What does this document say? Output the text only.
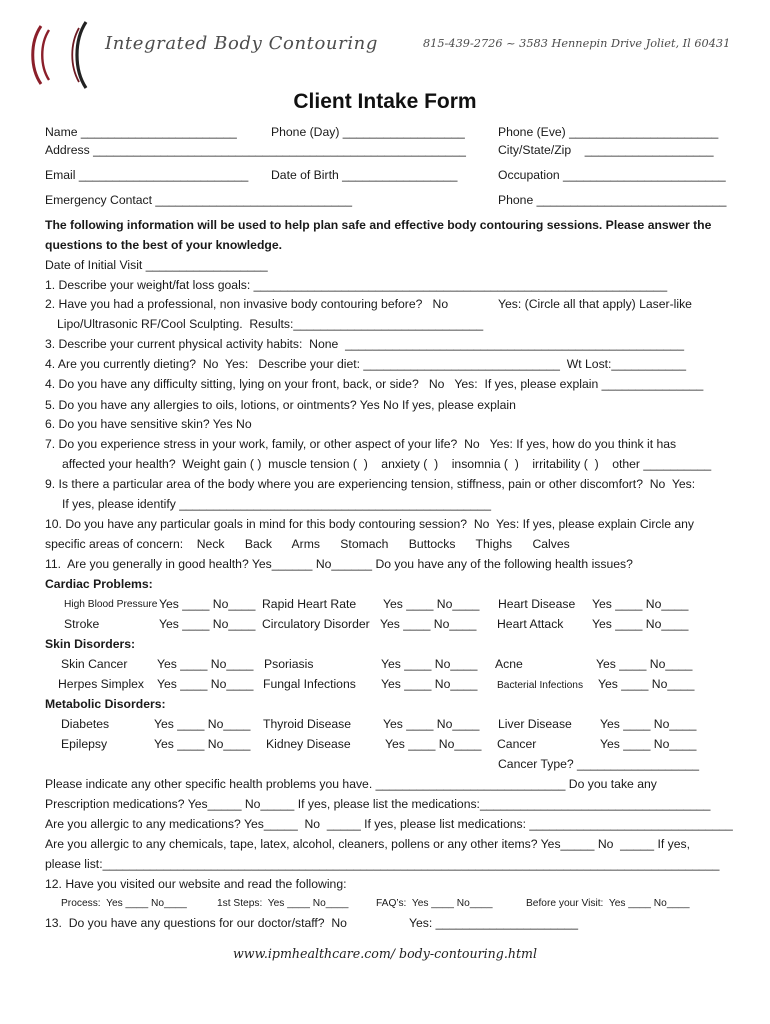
Integrated Body Contouring	815-439-2726 ~ 3583 Hennepin Drive Joliet, Il 60431
Client Intake Form
Name _______________________	Phone (Day) __________________	Phone (Eve) ______________________
Address _______________________________________________________	City/State/Zip    ___________________
Email _________________________ Date of Birth _________________	Occupation ________________________
Emergency Contact _____________________________	Phone ____________________________
The following information will be used to help plan safe and effective body contouring sessions. Please answer the
questions to the best of your knowledge.
Date of Initial Visit __________________
1. Describe your weight/fat loss goals: _____________________________________________________________
2. Have you had a professional, non invasive body contouring before?   No	Yes: (Circle all that apply) Laser-like
Lipo/Ultrasonic RF/Cool Sculpting.  Results:____________________________
3. Describe your current physical activity habits:  None  __________________________________________________
4. Are you currently dieting?  No  Yes:   Describe your diet: _____________________________  Wt Lost:___________
4. Do you have any difficulty sitting, lying on your front, back, or side?   No   Yes:  If yes, please explain _______________
5. Do you have any allergies to oils, lotions, or ointments? Yes No If yes, please explain
6. Do you have sensitive skin? Yes No
7. Do you experience stress in your work, family, or other aspect of your life?  No   Yes: If yes, how do you think it has
affected your health?  Weight gain ( )  muscle tension (  )    anxiety (  )    insomnia (  )    irritability (  )    other __________
9. Is there a particular area of the body where you are experiencing tension, stiffness, pain or other discomfort?  No  Yes:
If yes, please identify ______________________________________________
10. Do you have any particular goals in mind for this body contouring session?  No  Yes: If yes, please explain Circle any
specific areas of concern:    Neck      Back      Arms      Stomach      Buttocks      Thighs      Calves
11.  Are you generally in good health? Yes______ No______ Do you have any of the following health issues?
Cardiac Problems:
High Blood Pressure Yes ____ No____ Rapid Heart Rate Yes ____ No____ Heart Disease Yes ____ No____
Stroke	Yes ____ No____ Circulatory Disorder Yes ____ No____ Heart Attack Yes ____ No____
Skin Disorders:
Skin Cancer Yes ____ No____ Psoriasis	Yes ____ No____ Acne	Yes ____ No____
Herpes Simplex Yes ____ No____ Fungal Infections Yes ____ No____ Bacterial Infections Yes ____ No____
Metabolic Disorders:
Diabetes	Yes ____ No____ Thyroid Disease	Yes ____ No____ Liver Disease Yes ____ No____
Epilepsy	Yes ____ No____ Kidney Disease	Yes ____ No____ Cancer	Yes ____ No____
Cancer Type? __________________
Please indicate any other specific health problems you have. ____________________________ Do you take any
Prescription medications? Yes_____ No_____ If yes, please list the medications:__________________________________
Are you allergic to any medications? Yes_____  No  _____ If yes, please list medications: ______________________________
Are you allergic to any chemicals, tape, latex, alcohol, cleaners, pollens or any other items? Yes_____ No  _____ If yes,
please list:___________________________________________________________________________________________
12. Have you visited our website and read the following:
Process:  Yes ____ No____	1st Steps:  Yes ____ No____	FAQ’s:  Yes ____ No____	Before your Visit:  Yes ____ No____
13.  Do you have any questions for our doctor/staff?  No	Yes: _____________________
www.ipmhealthcare.com/ body-contouring.html
